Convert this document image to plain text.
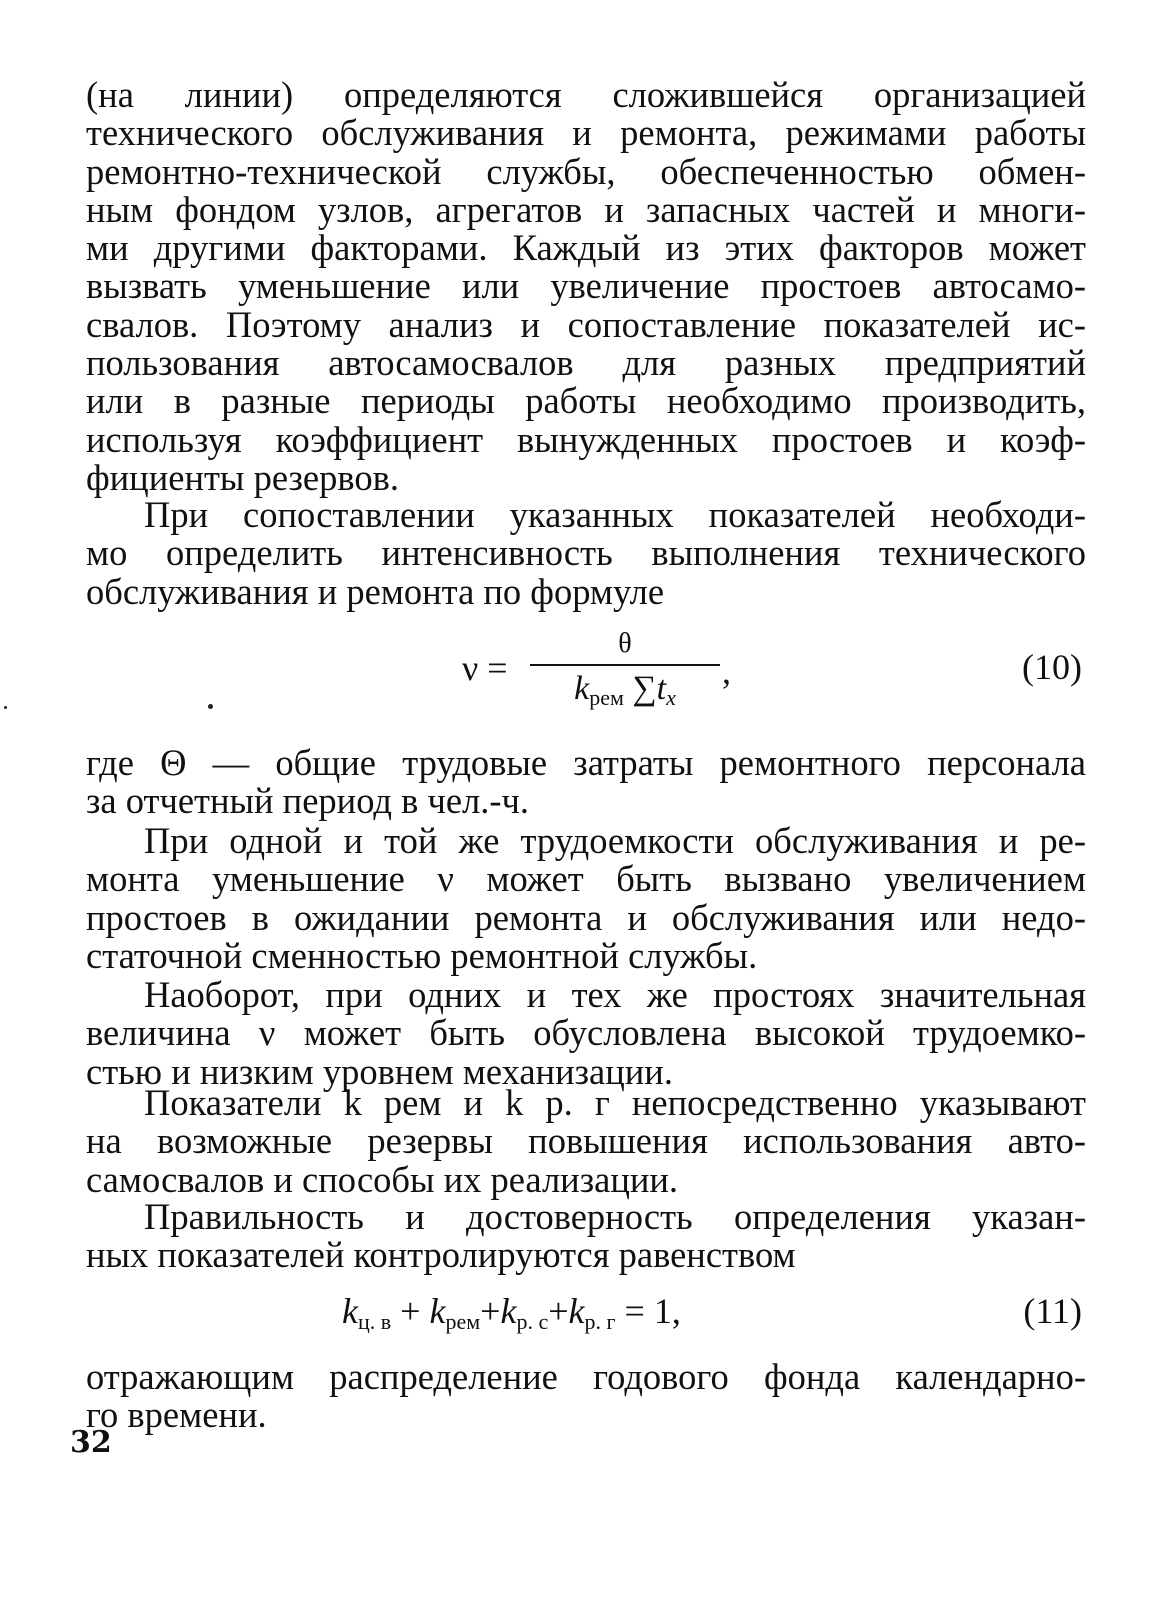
(на линии) определяются сложившейся организацией
технического обслуживания и ремонта, режимами работы
ремонтно-технической службы, обеспеченностью обмен-
ным фондом узлов, агрегатов и запасных частей и многи-
ми другими факторами. Каждый из этих факторов может
вызвать уменьшение или увеличение простоев автосамо-
свалов. Поэтому анализ и сопоставление показателей ис-
пользования автосамосвалов для разных предприятий
или в разные периоды работы необходимо производить,
используя коэффициент вынужденных простоев и коэф-
фициенты резервов.
При сопоставлении указанных показателей необходи-
мо определить интенсивность выполнения технического
обслуживания и ремонта по формуле
ν =
θ
$k_{рем}$ $\sum t_x$
,	(10)
где Θ — общие трудовые затраты ремонтного персонала
за отчетный период в чел.-ч.
При одной и той же трудоемкости обслуживания и ре-
монта уменьшение ν может быть вызвано увеличением
простоев в ожидании ремонта и обслуживания или недо-
статочной сменностью ремонтной службы.
Наоборот, при одних и тех же простоях значительная
величина ν может быть обусловлена высокой трудоемко-
стью и низким уровнем механизации.
Показатели k рем и k р. г непосредственно указывают
на возможные резервы повышения использования авто-
самосвалов и способы их реализации.
Правильность и достоверность определения указан-
ных показателей контролируются равенством
$k_{ц. в} + k_{рем}+k_{р. с}+k_{р. г} = 1$,	(11)
отражающим распределение годового фонда календарно-
го времени.
32
